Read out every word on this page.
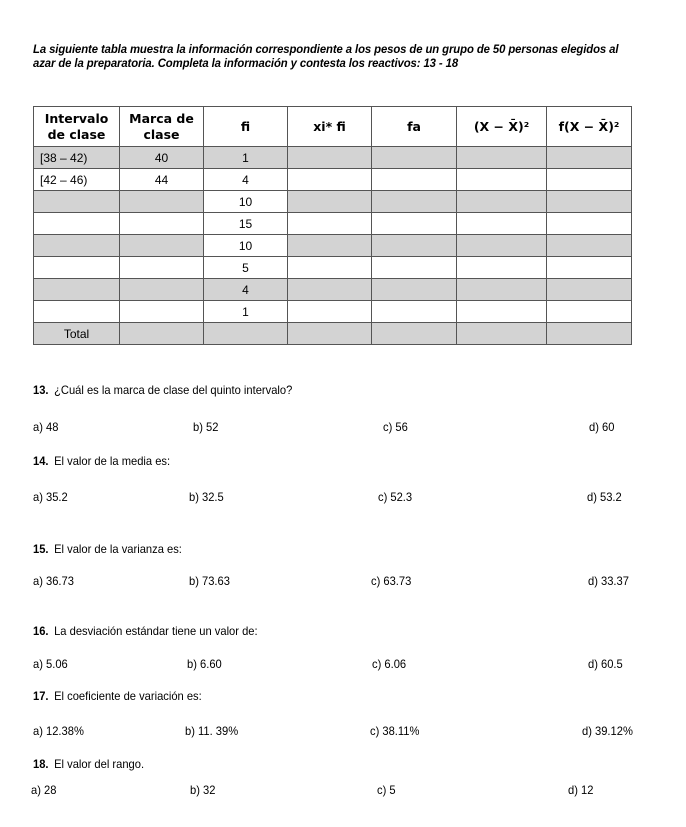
La siguiente tabla muestra la información correspondiente a los pesos de un grupo de 50 personas elegidos al azar de la preparatoria. Completa la información y contesta los reactivos: 13 - 18
Intervalo de clase	Marca de clase	fi	xi* fi	fa	(X − X̄)²	f(X − X̄)²
[38 – 42)	40	1				
[42 – 46)	44	4				
		10				
		15				
		10				
		5				
		4				
		1				
Total						
13. ¿Cuál es la marca de clase del quinto intervalo?
a) 48	b) 52	c) 56	d) 60
14. El valor de la media es:
a) 35.2	b) 32.5	c) 52.3	d) 53.2
15. El valor de la varianza es:
a) 36.73	b) 73.63	c) 63.73	d) 33.37
16. La desviación estándar tiene un valor de:
a) 5.06	b) 6.60	c) 6.06	d) 60.5
17. El coeficiente de variación es:
a) 12.38%	b) 11. 39%	c) 38.11%	d) 39.12%
18. El valor del rango.
a) 28	b) 32	c) 5	d) 12
